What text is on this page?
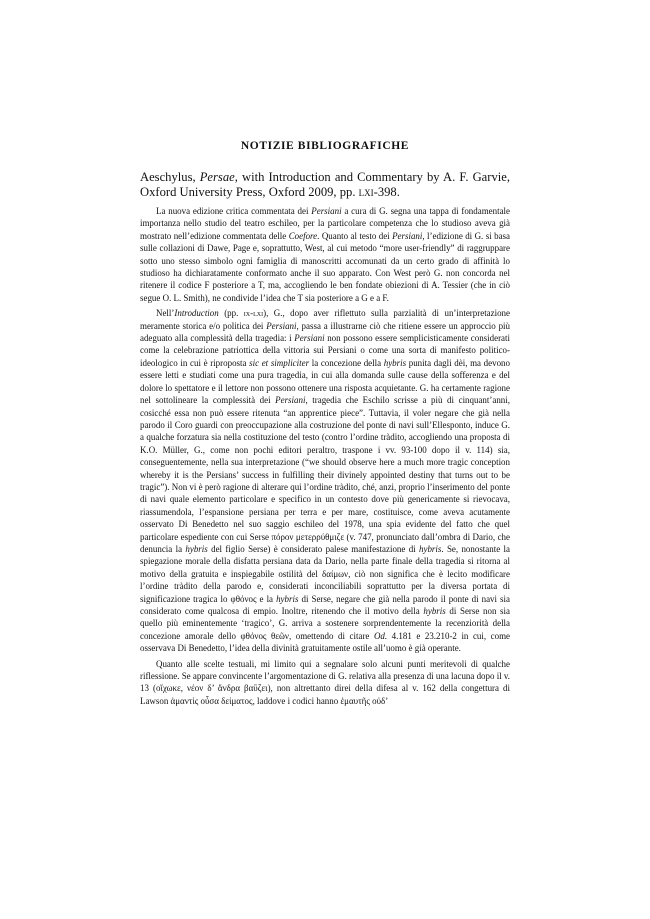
NOTIZIE BIBLIOGRAFICHE

Aeschylus, Persae, with Introduction and Commentary by A. F. Garvie, Oxford University Press, Oxford 2009, pp. lxi-398.

La nuova edizione critica commentata dei Persiani a cura di G. segna una tappa di fondamentale importanza nello studio del teatro eschileo, per la particolare competenza che lo studioso aveva già mostrato nell’edizione commentata delle Coefore. Quanto al testo dei Persiani, l’edizione di G. si basa sulle collazioni di Dawe, Page e, soprattutto, West, al cui metodo “more user-friendly” di raggruppare sotto uno stesso simbolo ogni famiglia di manoscritti accomunati da un certo grado di affinità lo studioso ha dichiaratamente conformato anche il suo apparato. Con West però G. non concorda nel ritenere il codice F posteriore a T, ma, accogliendo le ben fondate obiezioni di A. Tessier (che in ciò segue O. L. Smith), ne condivide l’idea che T sia posteriore a G e a F.

Nell’Introduction (pp. ix-lxi), G., dopo aver riflettuto sulla parzialità di un’interpretazione meramente storica e/o politica dei Persiani, passa a illustrarne ciò che ritiene essere un approccio più adeguato alla complessità della tragedia: i Persiani non possono essere semplicisticamente considerati come la celebrazione patriottica della vittoria sui Persiani o come una sorta di manifesto politico-ideologico in cui è riproposta sic et simpliciter la concezione della hybris punita dagli dèi, ma devono essere letti e studiati come una pura tragedia, in cui alla domanda sulle cause della sofferenza e del dolore lo spettatore e il lettore non possono ottenere una risposta acquietante. G. ha certamente ragione nel sottolineare la complessità dei Persiani, tragedia che Eschilo scrisse a più di cinquant’anni, cosicché essa non può essere ritenuta “an apprentice piece”. Tuttavia, il voler negare che già nella parodo il Coro guardi con preoccupazione alla costruzione del ponte di navi sull’Ellesponto, induce G. a qualche forzatura sia nella costituzione del testo (contro l’ordine tràdito, accogliendo una proposta di K.O. Müller, G., come non pochi editori peraltro, traspone i vv. 93-100 dopo il v. 114) sia, conseguentemente, nella sua interpretazione (“we should observe here a much more tragic conception whereby it is the Persians’ success in fulfilling their divinely appointed destiny that turns out to be tragic”). Non vi è però ragione di alterare qui l’ordine tràdito, ché, anzi, proprio l’inserimento del ponte di navi quale elemento particolare e specifico in un contesto dove più genericamente si rievocava, riassumendola, l’espansione persiana per terra e per mare, costituisce, come aveva acutamente osservato Di Benedetto nel suo saggio eschileo del 1978, una spia evidente del fatto che quel particolare espediente con cui Serse πόρον μετερρύθμιζε (v. 747, pronunciato dall’ombra di Dario, che denuncia la hybris del figlio Serse) è considerato palese manifestazione di hybris. Se, nonostante la spiegazione morale della disfatta persiana data da Dario, nella parte finale della tragedia si ritorna al motivo della gratuita e inspiegabile ostilità del δαίμων, ciò non significa che è lecito modificare l’ordine tràdito della parodo e, considerati inconciliabili soprattutto per la diversa portata di significazione tragica lo φθόνος e la hybris di Serse, negare che già nella parodo il ponte di navi sia considerato come qualcosa di empio. Inoltre, ritenendo che il motivo della hybris di Serse non sia quello più eminentemente ‘tragico’, G. arriva a sostenere sorprendentemente la recenziorità della concezione amorale dello φθόνος θεῶν, omettendo di citare Od. 4.181 e 23.210-2 in cui, come osservava Di Benedetto, l’idea della divinità gratuitamente ostile all’uomo è già operante.

Quanto alle scelte testuali, mi limito qui a segnalare solo alcuni punti meritevoli di qualche riflessione. Se appare convincente l’argomentazione di G. relativa alla presenza di una lacuna dopo il v. 13 (οἴχωκε, νέον δ’ ἄνδρα βαΰζει), non altrettanto direi della difesa al v. 162 della congettura di Lawson ἀμαντὶς οὖσα δείματος, laddove i codici hanno ἐμαυτῆς οὐδ’
